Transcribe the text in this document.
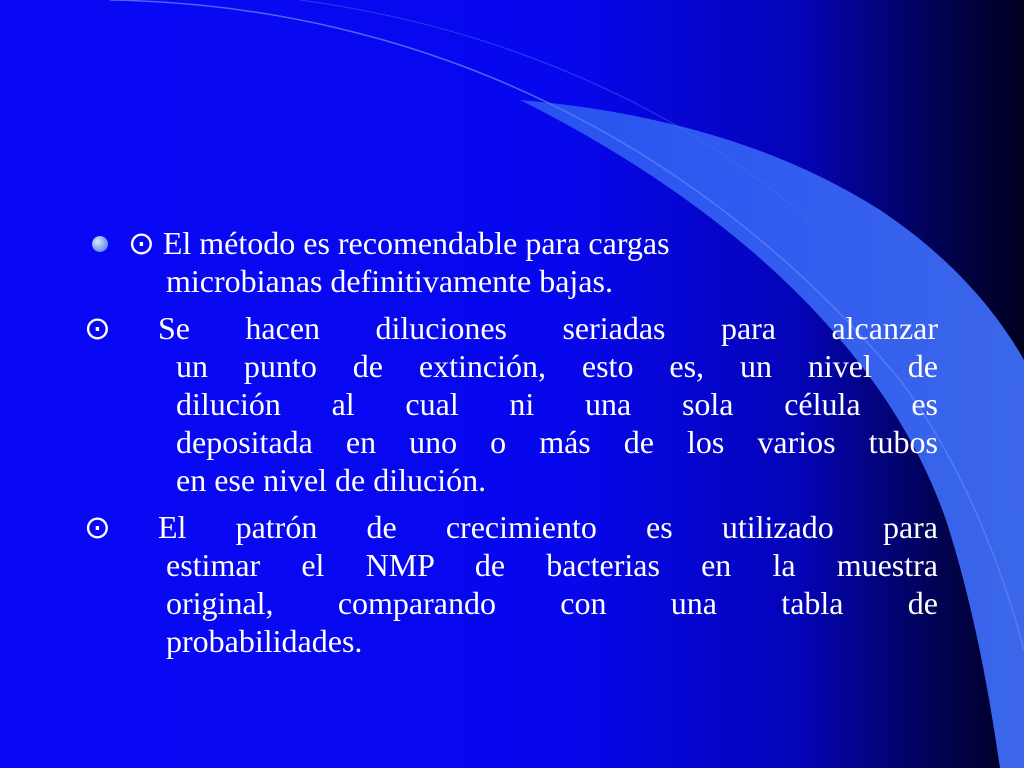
⊙ El método es recomendable para cargas
microbianas definitivamente bajas.
⊙	Se hacen diluciones seriadas para alcanzar
un punto de extinción, esto es, un nivel de
dilución al cual ni una sola célula es
depositada en uno o más de los varios tubos
en ese nivel de dilución.
⊙	El patrón de crecimiento es utilizado para
estimar el NMP de bacterias en la muestra
original, comparando con una tabla de
probabilidades.
